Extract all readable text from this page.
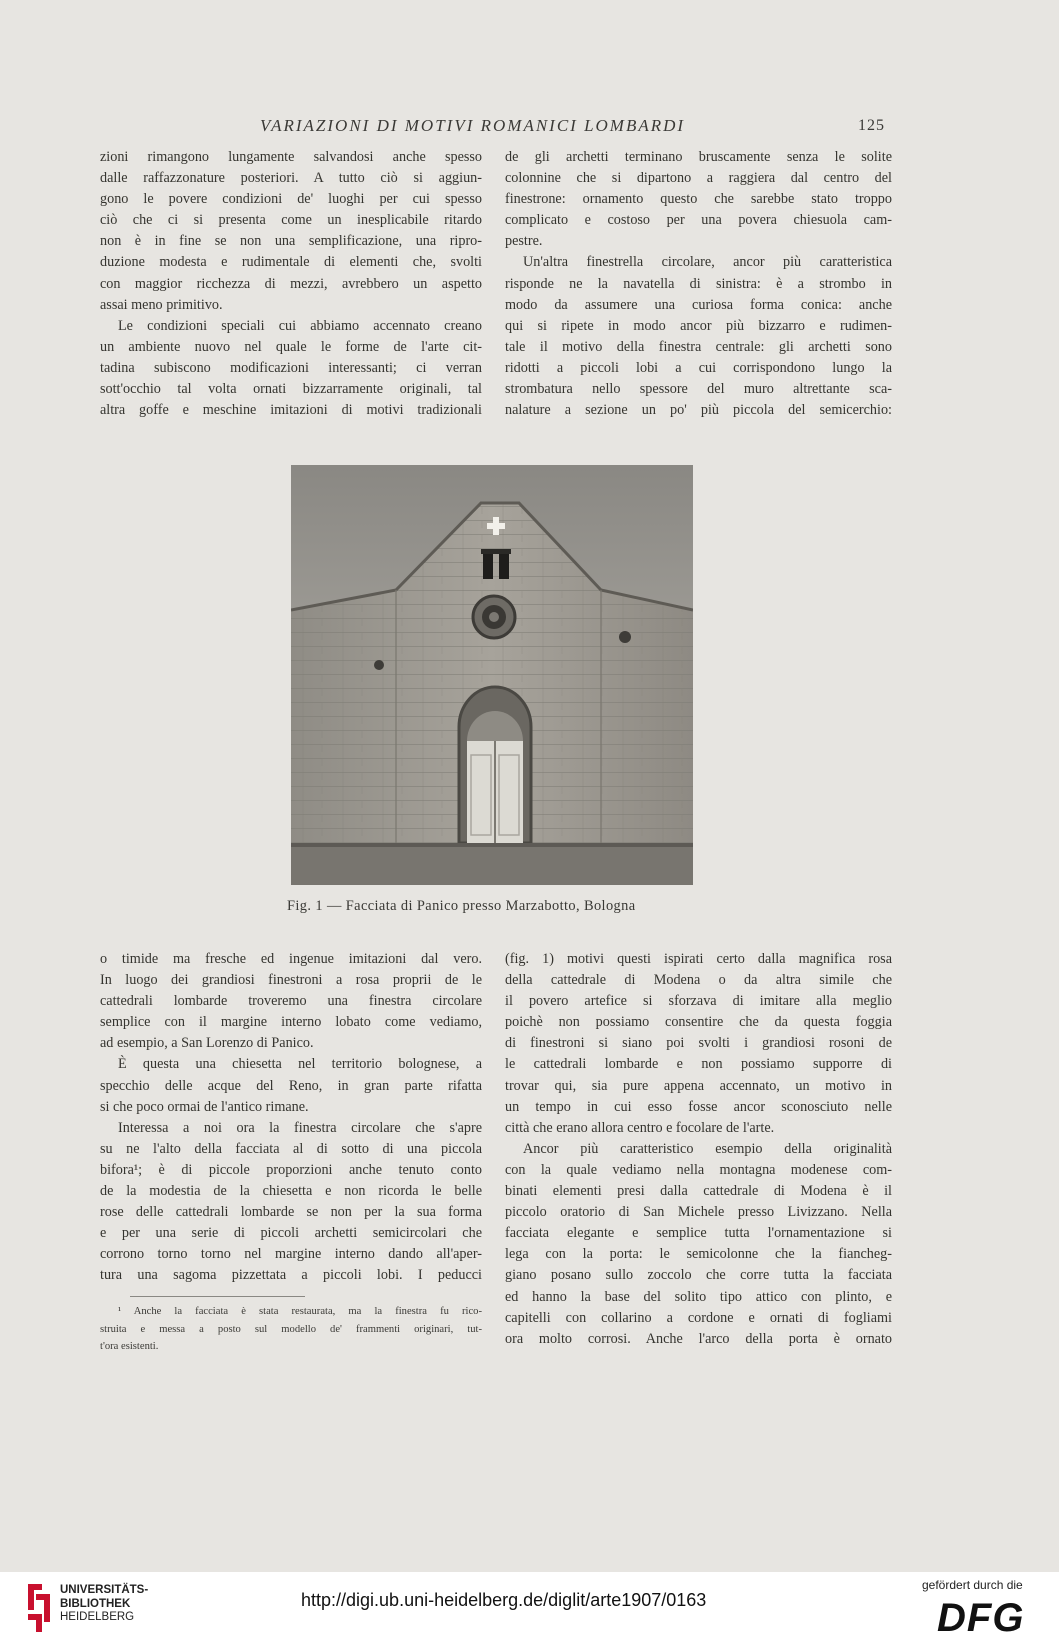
VARIAZIONI DI MOTIVI ROMANICI LOMBARDI	125

zioni rimangono lungamente salvandosi anche spesso

dalle raffazzonature posteriori. A tutto ciò si aggiun-

gono le povere condizioni de' luoghi per cui spesso

ciò che ci si presenta come un inesplicabile ritardo

non è in fine se non una semplificazione, una ripro-

duzione modesta e rudimentale di elementi che, svolti

con maggior ricchezza di mezzi, avrebbero un aspetto

assai meno primitivo.

Le condizioni speciali cui abbiamo accennato creano

un ambiente nuovo nel quale le forme de l'arte cit-

tadina subiscono modificazioni interessanti; ci verran

sott'occhio tal volta ornati bizzarramente originali, tal

altra goffe e meschine imitazioni di motivi tradizionali

de gli archetti terminano bruscamente senza le solite

colonnine che si dipartono a raggiera dal centro del

finestrone: ornamento questo che sarebbe stato troppo

complicato e costoso per una povera chiesuola cam-

pestre.

Un'altra finestrella circolare, ancor più caratteristica

risponde ne la navatella di sinistra: è a strombo in

modo da assumere una curiosa forma conica: anche

qui si ripete in modo ancor più bizzarro e rudimen-

tale il motivo della finestra centrale: gli archetti sono

ridotti a piccoli lobi a cui corrispondono lungo la

strombatura nello spessore del muro altrettante sca-

nalature a sezione un po' più piccola del semicerchio:

Fig. 1 — Facciata di Panico presso Marzabotto, Bologna

o timide ma fresche ed ingenue imitazioni dal vero.

In luogo dei grandiosi finestroni a rosa proprii de le

cattedrali lombarde troveremo una finestra circolare

semplice con il margine interno lobato come vediamo,

ad esempio, a San Lorenzo di Panico.

È questa una chiesetta nel territorio bolognese, a

specchio delle acque del Reno, in gran parte rifatta

si che poco ormai de l'antico rimane.

Interessa a noi ora la finestra circolare che s'apre

su ne l'alto della facciata al di sotto di una piccola

bifora¹; è di piccole proporzioni anche tenuto conto

de la modestia de la chiesetta e non ricorda le belle

rose delle cattedrali lombarde se non per la sua forma

e per una serie di piccoli archetti semicircolari che

corrono torno torno nel margine interno dando all'aper-

tura una sagoma pizzettata a piccoli lobi. I peducci

¹ Anche la facciata è stata restaurata, ma la finestra fu rico-

struita e messa a posto sul modello de' frammenti originari, tut-

t'ora esistenti.

(fig. 1) motivi questi ispirati certo dalla magnifica rosa

della cattedrale di Modena o da altra simile che

il povero artefice si sforzava di imitare alla meglio

poichè non possiamo consentire che da questa foggia

di finestroni si siano poi svolti i grandiosi rosoni de

le cattedrali lombarde e non possiamo supporre di

trovar qui, sia pure appena accennato, un motivo in

un tempo in cui esso fosse ancor sconosciuto nelle

città che erano allora centro e focolare de l'arte.

Ancor più caratteristico esempio della originalità

con la quale vediamo nella montagna modenese com-

binati elementi presi dalla cattedrale di Modena è il

piccolo oratorio di San Michele presso Livizzano. Nella

facciata elegante e semplice tutta l'ornamentazione si

lega con la porta: le semicolonne che la fiancheg-

giano posano sullo zoccolo che corre tutta la facciata

ed hanno la base del solito tipo attico con plinto, e

capitelli con collarino a cordone e ornati di fogliami

ora molto corrosi. Anche l'arco della porta è ornato

UNIVERSITÄTS-
BIBLIOTHEK
HEIDELBERG
http://digi.ub.uni-heidelberg.de/diglit/arte1907/0163
gefördert durch die
DFG
